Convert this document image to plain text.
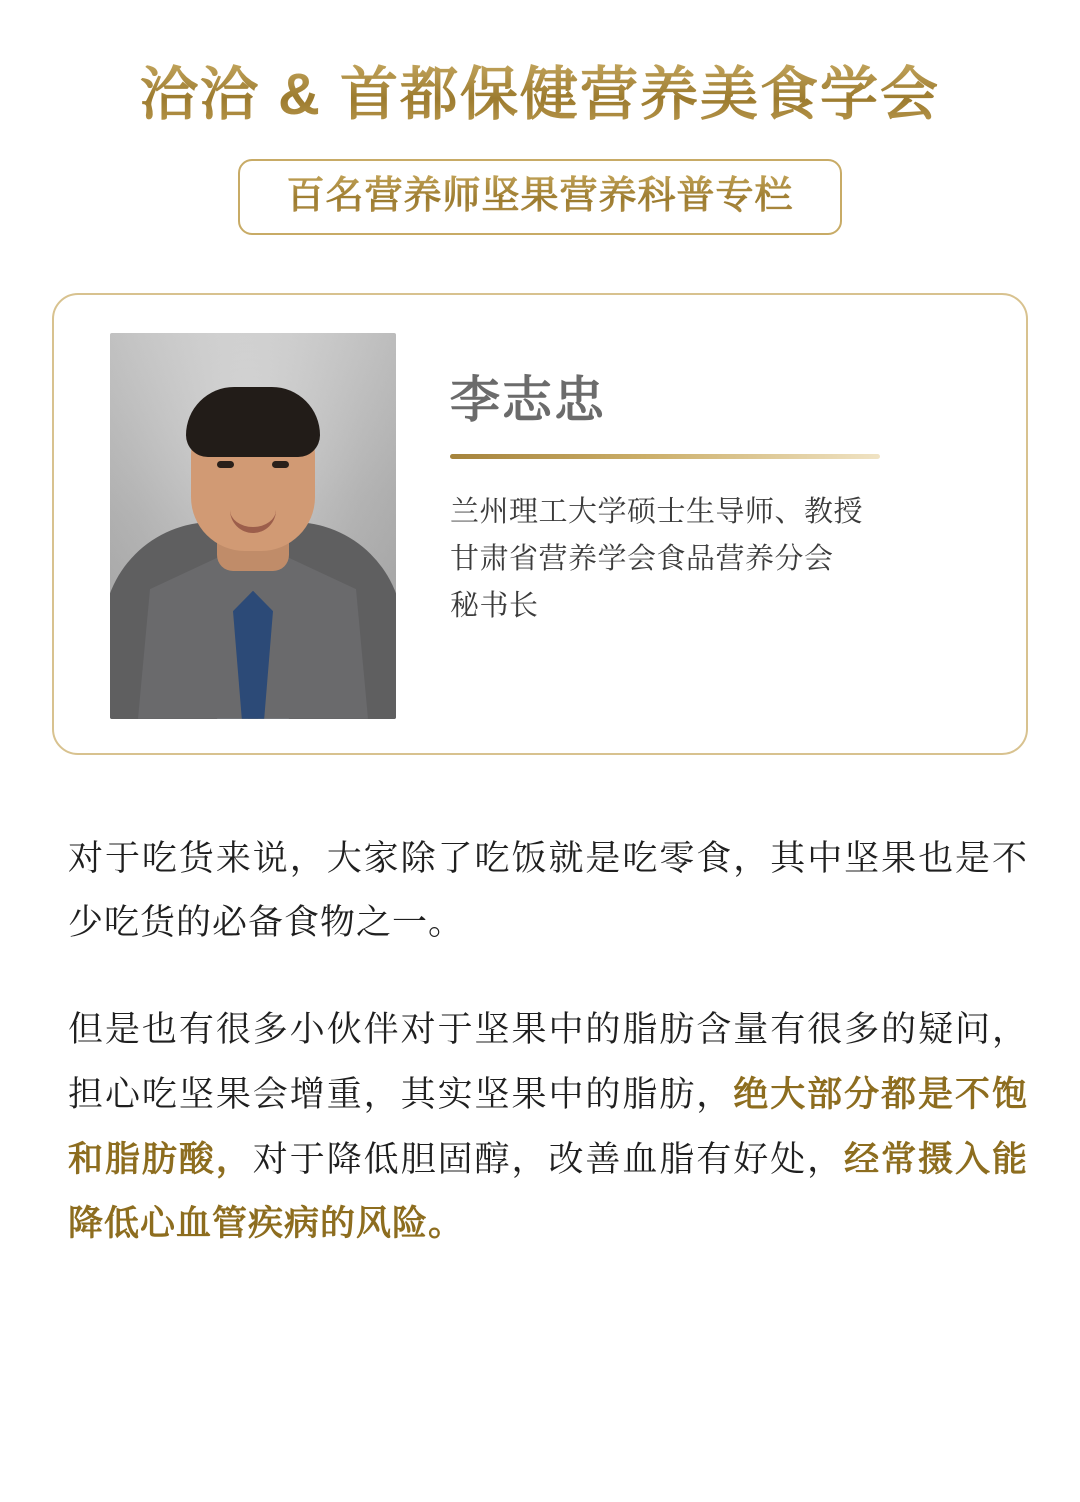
洽洽 & 首都保健营养美食学会
百名营养师坚果营养科普专栏
李志忠
兰州理工大学硕士生导师、教授
甘肃省营养学会食品营养分会
秘书长

对于吃货来说，大家除了吃饭就是吃零食，其中坚果也是不少吃货的必备食物之一。

但是也有很多小伙伴对于坚果中的脂肪含量有很多的疑问，担心吃坚果会增重，其实坚果中的脂肪，绝大部分都是不饱和脂肪酸，对于降低胆固醇，改善血脂有好处，经常摄入能降低心血管疾病的风险。
